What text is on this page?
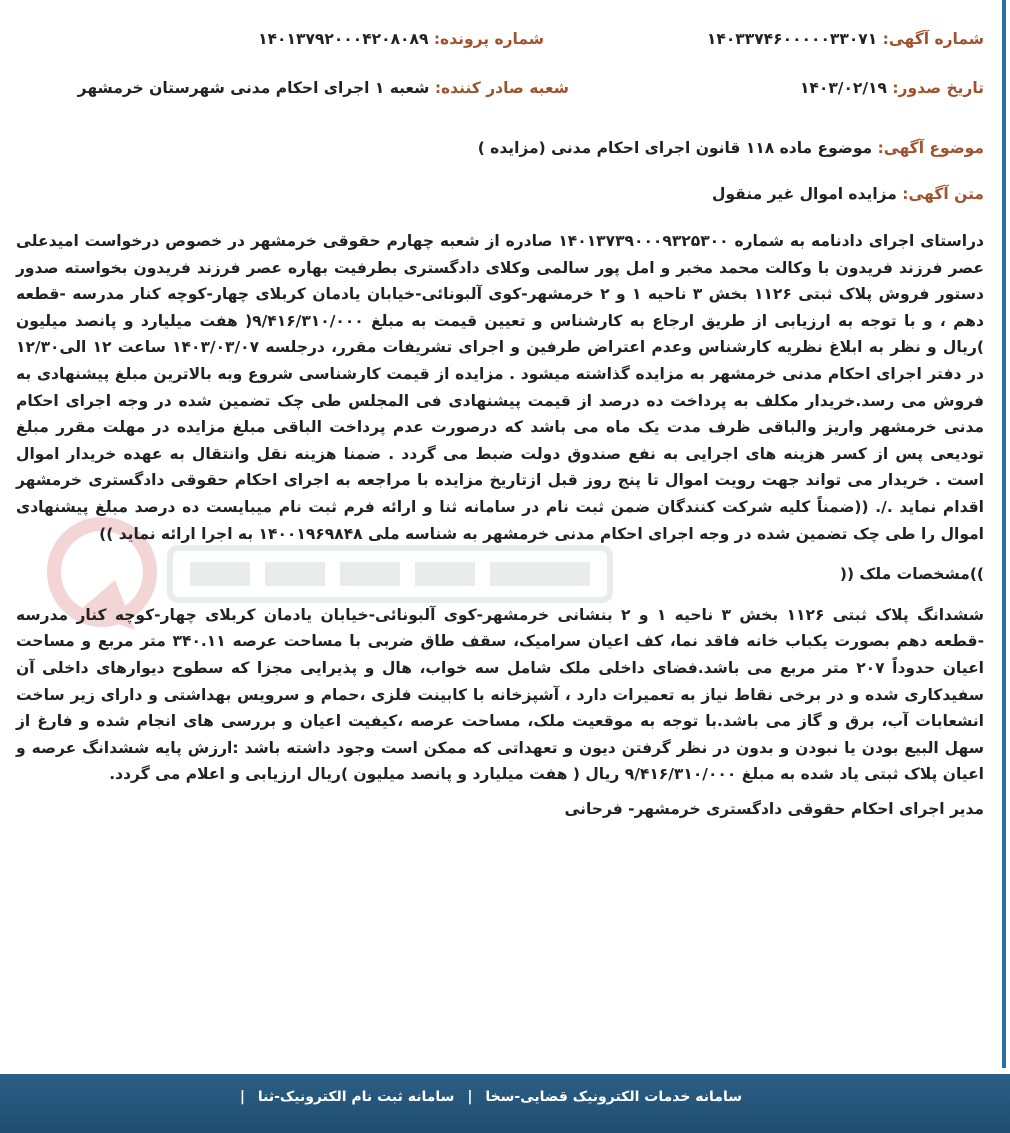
شماره آگهی: ۱۴۰۳۳۷۴۶۰۰۰۰۰۳۳۰۷۱
شماره پرونده: ۱۴۰۱۳۷۹۲۰۰۰۴۲۰۸۰۸۹
تاریخ صدور: ۱۴۰۳/۰۲/۱۹
شعبه صادر کننده: شعبه ۱ اجرای احکام مدنی شهرستان خرمشهر
موضوع آگهی: موضوع ماده ۱۱۸ قانون اجرای احکام مدنی (مزایده )
متن آگهی: مزایده اموال غیر منقول

دراستای اجرای دادنامه به شماره ۱۴۰۱۳۷۳۹۰۰۰۹۳۲۵۳۰۰ صادره از شعبه چهارم حقوقی خرمشهر در خصوص درخواست امیدعلی عصر فرزند فریدون با وکالت محمد مخبر و امل پور سالمی وکلای دادگستری بطرفیت بهاره عصر فرزند فریدون بخواسته صدور دستور فروش پلاک ثبتی ۱۱۲۶ بخش ۳ ناحیه ۱ و ۲ خرمشهر-کوی آلبونائی-خیابان یادمان کربلای چهار-کوچه کنار مدرسه -قطعه دهم ، و با توجه به ارزیابی از طریق ارجاع به کارشناس و تعیین قیمت به مبلغ ۹/۴۱۶/۳۱۰/۰۰۰( هفت میلیارد و پانصد میلیون )ریال و نظر به ابلاغ نظریه کارشناس وعدم اعتراض طرفین و اجرای تشریفات مقرر، درجلسه ۱۴۰۳/۰۳/۰۷ ساعت ۱۲ الی۱۲/۳۰ در دفتر اجرای احکام مدنی خرمشهر به مزایده گذاشته میشود . مزایده از قیمت کارشناسی شروع وبه بالاترین مبلغ پیشنهادی به فروش می رسد.خریدار مکلف به پرداخت ده درصد از قیمت پیشنهادی فی المجلس طی چک تضمین شده در وجه اجرای احکام مدنی خرمشهر واریز والباقی ظرف مدت یک ماه می باشد که درصورت عدم پرداخت الباقی مبلغ مزایده در مهلت مقرر مبلغ تودیعی پس از کسر هزینه های اجرایی به نفع صندوق دولت ضبط می گردد . ضمنا هزینه نقل وانتقال به عهده خریدار اموال است . خریدار می تواند جهت رویت اموال تا پنج روز قبل ازتاریخ مزایده با مراجعه به اجرای احکام حقوقی دادگستری خرمشهر اقدام نماید ./. ((ضمناً کلیه شرکت کنندگان ضمن ثبت نام در سامانه ثنا و ارائه فرم ثبت نام میبایست ده درصد مبلغ پیشنهادی اموال را طی چک تضمین شده در وجه اجرای احکام مدنی خرمشهر به شناسه ملی ۱۴۰۰۱۹۶۹۸۴۸ به اجرا ارائه نماید ))

))مشخصات ملک ((

ششدانگ پلاک ثبتی ۱۱۲۶ بخش ۳ ناحیه ۱ و ۲ بنشانی خرمشهر-کوی آلبونائی-خیابان یادمان کربلای چهار-کوچه کنار مدرسه -قطعه دهم بصورت یکباب خانه فاقد نما، کف اعیان سرامیک، سقف طاق ضربی با مساحت عرصه ۳۴۰.۱۱ متر مربع و مساحت اعیان حدوداً ۲۰۷ متر مربع می باشد.فضای داخلی ملک شامل سه خواب، هال و پذیرایی مجزا که سطوح دیوارهای داخلی آن سفیدکاری شده و در برخی نقاط نیاز به تعمیرات دارد ، آشپزخانه با کابینت فلزی ،حمام و سرویس بهداشتی و دارای زیر ساخت انشعابات آب، برق و گاز می باشد.با توجه به موقعیت ملک، مساحت عرصه ،کیفیت اعیان و بررسی های انجام شده و فارغ از سهل البیع بودن یا نبودن و بدون در نظر گرفتن دیون و تعهداتی که ممکن است وجود داشته باشد :ارزش پایه ششدانگ عرصه و اعیان پلاک ثبتی یاد شده به مبلغ ۹/۴۱۶/۳۱۰/۰۰۰ ریال ( هفت میلیارد و پانصد میلیون )ریال ارزیابی و اعلام می گردد.

مدیر اجرای احکام حقوقی دادگستری خرمشهر- فرحانی

سامانه خدمات الکترونیک قضایی-سخا | سامانه ثبت نام الکترونیک-ثنا |
